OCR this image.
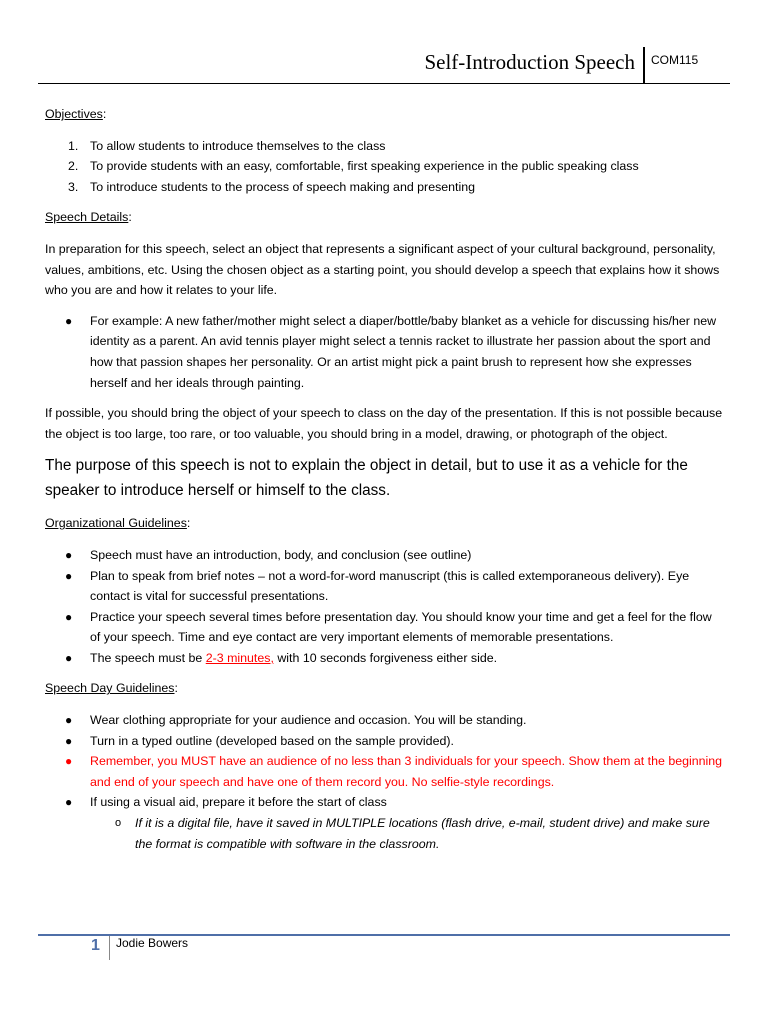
Self-Introduction Speech COM115

Objectives:

1. To allow students to introduce themselves to the class
2. To provide students with an easy, comfortable, first speaking experience in the public speaking class
3. To introduce students to the process of speech making and presenting

Speech Details:

In preparation for this speech, select an object that represents a significant aspect of your cultural background, personality, values, ambitions, etc. Using the chosen object as a starting point, you should develop a speech that explains how it shows who you are and how it relates to your life.

● For example: A new father/mother might select a diaper/bottle/baby blanket as a vehicle for discussing his/her new identity as a parent. An avid tennis player might select a tennis racket to illustrate her passion about the sport and how that passion shapes her personality. Or an artist might pick a paint brush to represent how she expresses herself and her ideals through painting.

If possible, you should bring the object of your speech to class on the day of the presentation. If this is not possible because the object is too large, too rare, or too valuable, you should bring in a model, drawing, or photograph of the object.

The purpose of this speech is not to explain the object in detail, but to use it as a vehicle for the speaker to introduce herself or himself to the class.

Organizational Guidelines:

● Speech must have an introduction, body, and conclusion (see outline)
● Plan to speak from brief notes – not a word-for-word manuscript (this is called extemporaneous delivery). Eye contact is vital for successful presentations.
● Practice your speech several times before presentation day. You should know your time and get a feel for the flow of your speech. Time and eye contact are very important elements of memorable presentations.
● The speech must be 2-3 minutes, with 10 seconds forgiveness either side.

Speech Day Guidelines:

● Wear clothing appropriate for your audience and occasion. You will be standing.
● Turn in a typed outline (developed based on the sample provided).
● Remember, you MUST have an audience of no less than 3 individuals for your speech. Show them at the beginning and end of your speech and have one of them record you. No selfie-style recordings.
● If using a visual aid, prepare it before the start of class
o If it is a digital file, have it saved in MULTIPLE locations (flash drive, e-mail, student drive) and make sure the format is compatible with software in the classroom.
1 Jodie Bowers
